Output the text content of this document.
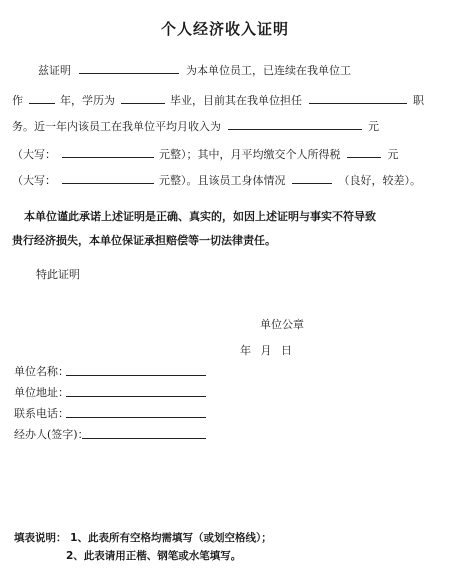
个人经济收入证明
兹证明	为本单位员工，已连续在我单位工
作	年，学历为	毕业，目前其在我单位担任	职
务。近一年内该员工在我单位平均月收入为	元
（大写：	元整）；其中，月平均缴交个人所得税	元
（大写：	元整）。且该员工身体情况	（良好，较差）。
本单位谨此承诺上述证明是正确、真实的，如因上述证明与事实不符导致
贵行经济损失，本单位保证承担赔偿等一切法律责任。
特此证明
单位公章
年 月 日
单位名称：
单位地址：
联系电话：
经办人(签字)：
填表说明： 1、此表所有空格均需填写（或划空格线）；
2、此表请用正楷、钢笔或水笔填写。
